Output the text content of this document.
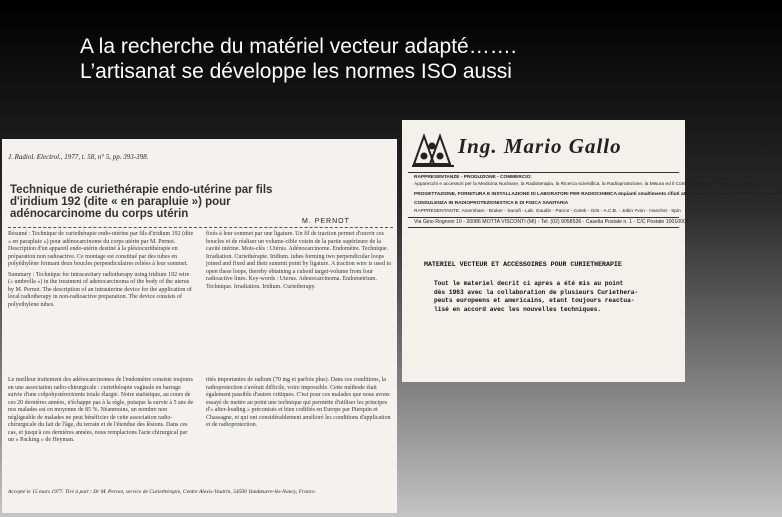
A la recherche du matériel vecteur adapté…….
L’artisanat se développe les normes ISO aussi
J. Radiol. Electrol., 1977, t. 58, n° 5, pp. 393-398.
Technique de curiethérapie endo-utérine par fils d'iridium 192 (dite « en parapluie ») pour adénocarcinome du corps utérin
M. PERNOT

Résumé : Technique de curiethérapie endo-utérine par fils d'iridium 192 (dite « en parapluie ») pour adénocarcinome du corps utérin par M. Pernot. Description d'un appareil endo-utérin destiné à la plésiocurithérapie en préparation non radioactive. Ce montage est constitué par des tubes en polyéthylène formant deux boucles perpendiculaires reliées à leur sommet.

Summary : Technique for intracavitary radiotherapy using iridium 192 wire (« umbrella ») in the treatment of adenocarcinoma of the body of the uterus by M. Pernot. The description of an intrauterine device for the application of local radiotherapy in non-radioactive preparation. The device consists of polyethylene tubes.

fixés à leur sommet par une ligature. Un fil de traction permet d'ouvrir ces boucles et de réaliser un volume-cible voisin de la partie supérieure de la cavité utérine. Mots-clés : Utérus. Adénocarcinome. Endomètre. Technique. Irradiation. Curiethérapie. Iridium. tubes forming two perpendicular loops joined and fixed and their summit point by ligature. A traction wire is used to open these loops, thereby obtaining a cuboid target-volume from four radioactive lines. Key-words : Uterus. Adenocarcinoma. Endometrium. Technique. Irradiation. Iridium. Curietherapy.
Le meilleur traitement des adénocarcinomes de l'endomètre consiste toujours en une association radio-chirurgicale : curiethérapie vaginale en barrage suivie d'une colpohystérectomie totale élargie. Notre statistique, au cours de ces 20 dernières années, n'échappe pas à la règle, puisque la survie à 5 ans de nos malades est en moyenne de 85 %. Néanmoins, un nombre non négligeable de malades ne peut bénéficier de cette association radio-chirurgicale du fait de l'âge, du terrain et de l'étendue des lésions. Dans ces cas, et jusqu'à ces dernières années, nous remplacions l'acte chirurgical par un « Packing » de Heyman.
tités importantes de radium (70 mg et parfois plus). Dans ces conditions, la radioprotection s'avérait difficile, voire impossible. Cette méthode était également passible d'autres critiques. C'est pour ces malades que nous avons essayé de mettre au point une technique qui permette d'utiliser les principes d'« after-loading » préconisés et bien codifiés en Europe par Pierquin et Chassagne, et qui ont considérablement amélioré les conditions d'application et de radioprotection.
Accepté le 15 mars 1977. Tiré à part : Dr M. Pernot, service de Curiethérapie, Centre Alexis-Vautrin, 54500 Vandœuvre-lès-Nancy, France.
Ing. Mario Gallo
RAPPRESENTANZE - PRODUZIONE - COMMERCIO:
Apparecchi e accessori per la Medicina Nucleare, la Radioterapia, la Ricerca scientifica, la Radioprotezione, la Misura ed il Controllo della Radioattività, Radioisotopi
PROGETTAZIONE, FORNITURA E INSTALLAZIONE DI LABORATORI PER RADIOCHIMICA Impianti smaltimento rifiuti attivi, manipolazione ambientale e personale
CONSULENZA IN RADIOPROTEZIONISTICA E DI FISICA SANITARIA
RAPPRESENTANTE: Amersham - Bruker - Sanofi - Lab. Gaudin - Parcor - Cetek - Oris - A.C.B. - Jobin Yvon - Hoechst - Spin
Via Gino Rognoni 10 - 20086 MOTTA VISCONTI (MI) - Tel. (02) 9058536 - Casella Postale n. 1 - C/C Postale 10010004
MATERIEL VECTEUR ET ACCESSOIRES POUR CURIETHERAPIE
Tout le materiel decrit ci apres a été mis au point
dès 1963 avec la collaboration de plusieurs Curiethera-
peuts europeens et americains, etant toujours reactua-
lisé en accord avec les nouvelles techniques.
